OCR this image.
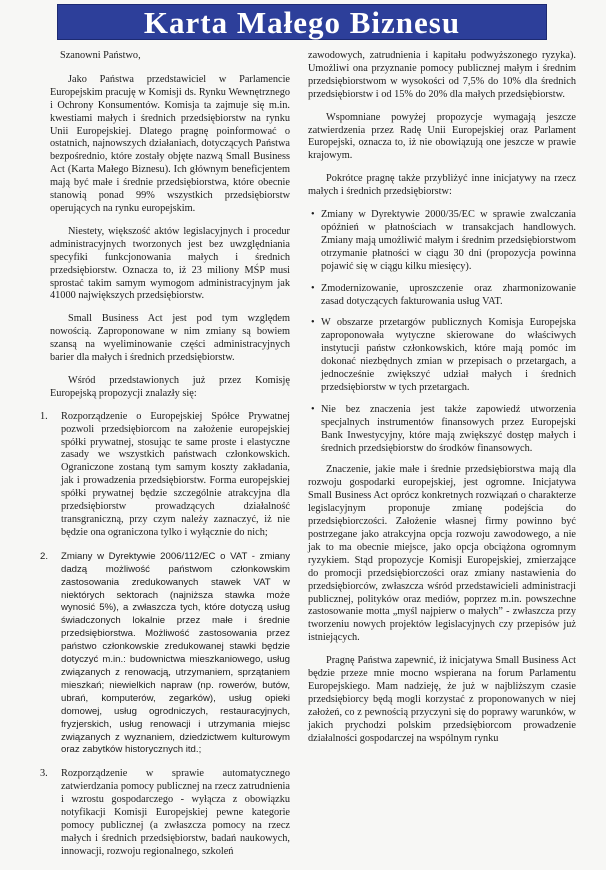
Karta Małego Biznesu

Szanowni Państwo,

Jako Państwa przedstawiciel w Parlamencie Europejskim pracuję w Komisji ds. Rynku Wewnętrznego i Ochrony Konsumentów. Komisja ta zajmuje się m.in. kwestiami małych i średnich przedsiębiorstw na rynku Unii Europejskiej. Dlatego pragnę poinformować o ostatnich, najnowszych działaniach, dotyczących Państwa bezpośrednio, które zostały objęte nazwą Small Business Act (Karta Małego Biznesu). Ich głównym beneficjentem mają być małe i średnie przedsiębiorstwa, które obecnie stanowią ponad 99% wszystkich przedsiębiorstw operujących na rynku europejskim.

Niestety, większość aktów legislacyjnych i procedur administracyjnych tworzonych jest bez uwzględniania specyfiki funkcjonowania małych i średnich przedsiębiorstw. Oznacza to, iż 23 miliony MŚP musi sprostać takim samym wymogom administracyjnym jak 41000 największych przedsiębiorstw.

Small Business Act jest pod tym względem nowością. Zaproponowane w nim zmiany są bowiem szansą na wyeliminowanie części administracyjnych barier dla małych i średnich przedsiębiorstw.

Wśród przedstawionych już przez Komisję Europejską propozycji znalazły się:

1. Rozporządzenie o Europejskiej Spółce Prywatnej pozwoli przedsiębiorcom na założenie europejskiej spółki prywatnej, stosując te same proste i elastyczne zasady we wszystkich państwach członkowskich. Ograniczone zostaną tym samym koszty zakładania, jak i prowadzenia przedsiębiorstw. Forma europejskiej spółki prywatnej będzie szczególnie atrakcyjna dla przedsiębiorstw prowadzących działalność transgraniczną, przy czym należy zaznaczyć, iż nie będzie ona ograniczona tylko i wyłącznie do nich;
2. Zmiany w Dyrektywie 2006/112/EC o VAT - zmiany dadzą możliwość państwom członkowskim zastosowania zredukowanych stawek VAT w niektórych sektorach (najniższa stawka może wynosić 5%), a zwłaszcza tych, które dotyczą usług świadczonych lokalnie przez małe i średnie przedsiębiorstwa. Możliwość zastosowania przez państwo członkowskie zredukowanej stawki będzie dotyczyć m.in.: budownictwa mieszkaniowego, usług związanych z renowacją, utrzymaniem, sprzątaniem mieszkań; niewielkich napraw (np. rowerów, butów, ubrań, komputerów, zegarków), usług opieki domowej, usług ogrodniczych, restauracyjnych, fryzjerskich, usług renowacji i utrzymania miejsc związanych z wyznaniem, dziedzictwem kulturowym oraz zabytków historycznych itd.;
3. Rozporządzenie w sprawie automatycznego zatwierdzania pomocy publicznej na rzecz zatrudnienia i wzrostu gospodarczego - wyłącza z obowiązku notyfikacji Komisji Europejskiej pewne kategorie pomocy publicznej (a zwłaszcza pomocy na rzecz małych i średnich przedsiębiorstw, badań naukowych, innowacji, rozwoju regionalnego, szkoleń

zawodowych, zatrudnienia i kapitału podwyższonego ryzyka). Umożliwi ona przyznanie pomocy publicznej małym i średnim przedsiębiorstwom w wysokości od 7,5% do 10% dla średnich przedsiębiorstw i od 15% do 20% dla małych przedsiębiorstw.

Wspomniane powyżej propozycje wymagają jeszcze zatwierdzenia przez Radę Unii Europejskiej oraz Parlament Europejski, oznacza to, iż nie obowiązują one jeszcze w prawie krajowym.

Pokrótce pragnę także przybliżyć inne inicjatywy na rzecz małych i średnich przedsiębiorstw:

• Zmiany w Dyrektywie 2000/35/EC w sprawie zwalczania opóźnień w płatnościach w transakcjach handlowych. Zmiany mają umożliwić małym i średnim przedsiębiorstwom otrzymanie płatności w ciągu 30 dni (propozycja powinna pojawić się w ciągu kilku miesięcy).
• Zmodernizowanie, uproszczenie oraz zharmonizowanie zasad dotyczących fakturowania usług VAT.
• W obszarze przetargów publicznych Komisja Europejska zaproponowała wytyczne skierowane do właściwych instytucji państw członkowskich, które mają pomóc im dokonać niezbędnych zmian w przepisach o przetargach, a jednocześnie zwiększyć udział małych i średnich przedsiębiorstw w tych przetargach.
• Nie bez znaczenia jest także zapowiedź utworzenia specjalnych instrumentów finansowych przez Europejski Bank Inwestycyjny, które mają zwiększyć dostęp małych i średnich przedsiębiorstw do środków finansowych.

Znaczenie, jakie małe i średnie przedsiębiorstwa mają dla rozwoju gospodarki europejskiej, jest ogromne. Inicjatywa Small Business Act oprócz konkretnych rozwiązań o charakterze legislacyjnym proponuje zmianę podejścia do przedsiębiorczości. Założenie własnej firmy powinno być postrzegane jako atrakcyjna opcja rozwoju zawodowego, a nie jak to ma obecnie miejsce, jako opcja obciążona ogromnym ryzykiem. Stąd propozycje Komisji Europejskiej, zmierzające do promocji przedsiębiorczości oraz zmiany nastawienia do przedsiębiorców, zwłaszcza wśród przedstawicieli administracji publicznej, polityków oraz mediów, poprzez m.in. powszechne zastosowanie motta „myśl najpierw o małych” - zwłaszcza przy tworzeniu nowych projektów legislacyjnych czy przepisów już istniejących.

Pragnę Państwa zapewnić, iż inicjatywa Small Business Act będzie przeze mnie mocno wspierana na forum Parlamentu Europejskiego. Mam nadzieję, że już w najbliższym czasie przedsiębiorcy będą mogli korzystać z proponowanych w niej założeń, co z pewnością przyczyni się do poprawy warunków, w jakich prychodzi polskim przedsiębiorcom prowadzenie działalności gospodarczej na wspólnym rynku
